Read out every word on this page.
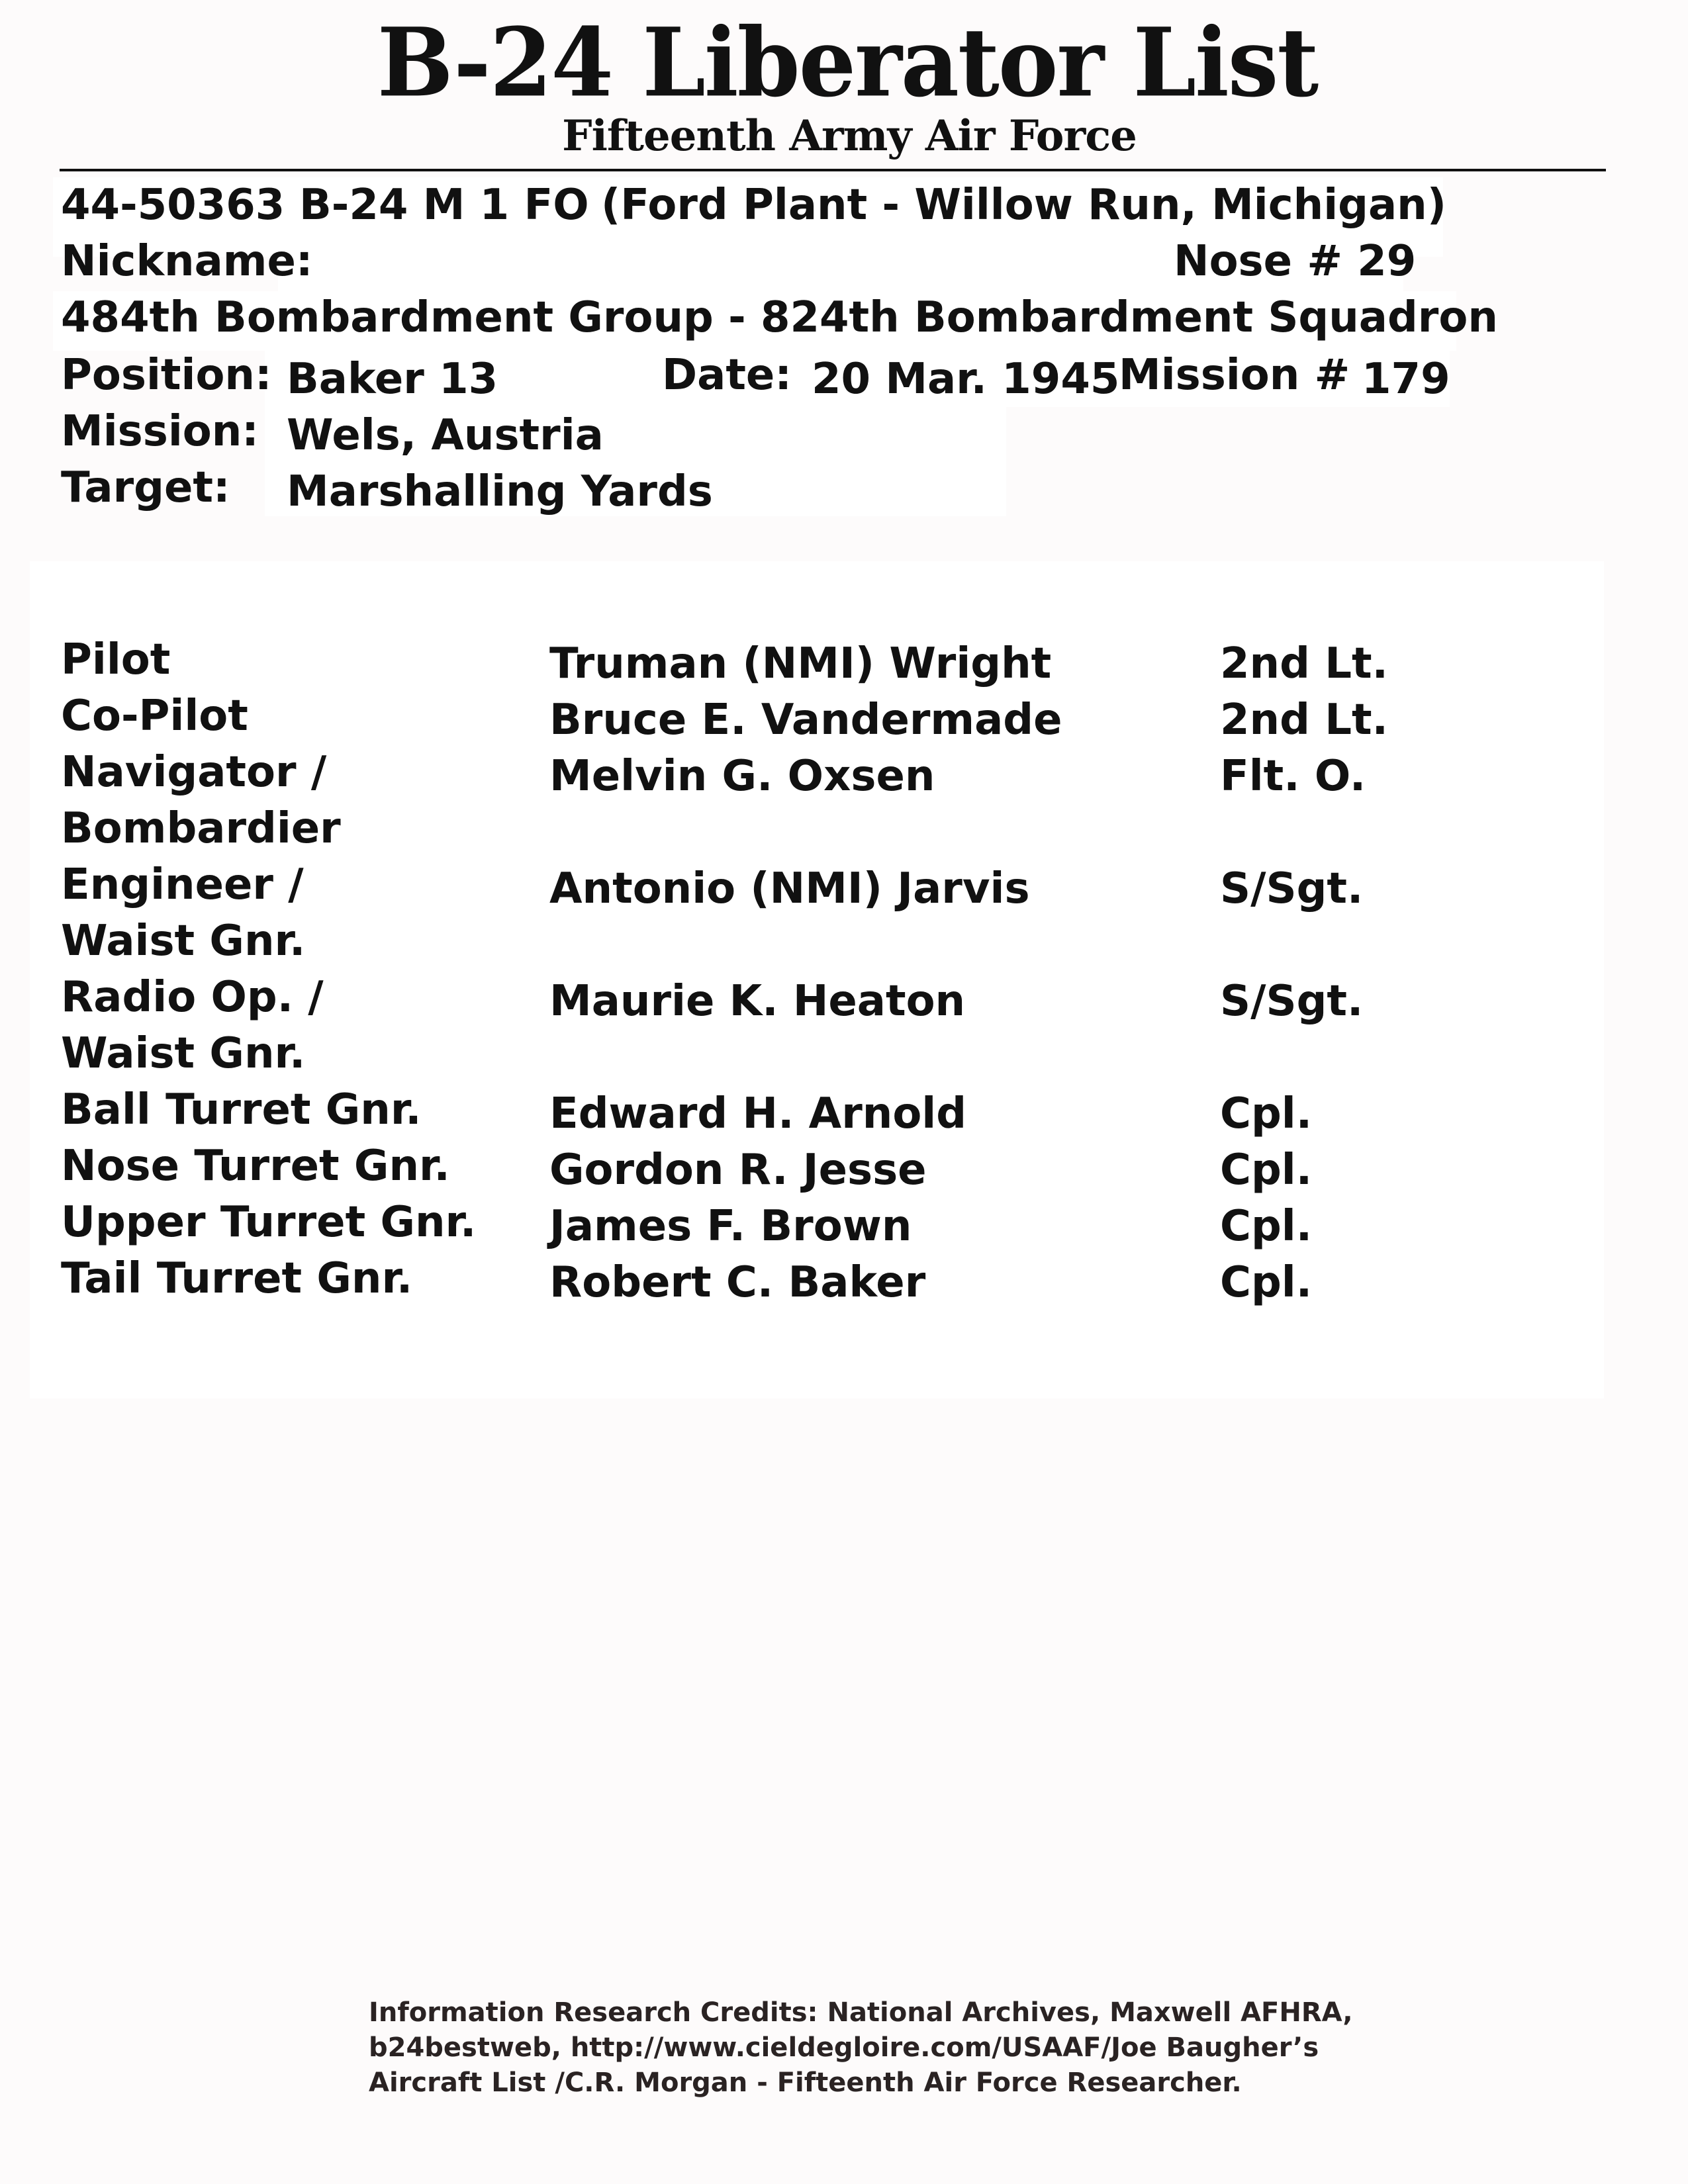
B-24 Liberator List
Fifteenth Army Air Force
44-50363 B-24 M 1 FO (Ford Plant - Willow Run, Michigan)
Nickname:	Nose # 29
484th Bombardment Group - 824th Bombardment Squadron
Position: Baker 13	Date: 20 Mar. 1945
Mission # 179
Mission: Wels, Austria
Target: Marshalling Yards
Pilot	Truman (NMI) Wright	2nd Lt.
Co-Pilot	Bruce E. Vandermade	2nd Lt.
Navigator /
Bombardier
Melvin G. Oxsen	Flt. O.
Engineer /
Waist Gnr.
Antonio (NMI) Jarvis	S/Sgt.
Radio Op. /
Waist Gnr.
Maurie K. Heaton	S/Sgt.
Ball Turret Gnr.	Edward H. Arnold	Cpl.
Nose Turret Gnr.	Gordon R. Jesse	Cpl.
Upper Turret Gnr.	James F. Brown	Cpl.
Tail Turret Gnr.	Robert C. Baker	Cpl.
Information Research Credits: National Archives, Maxwell AFHRA,
b24bestweb, http://www.cieldegloire.com/USAAF/Joe Baugher’s
Aircraft List /C.R. Morgan - Fifteenth Air Force Researcher.
